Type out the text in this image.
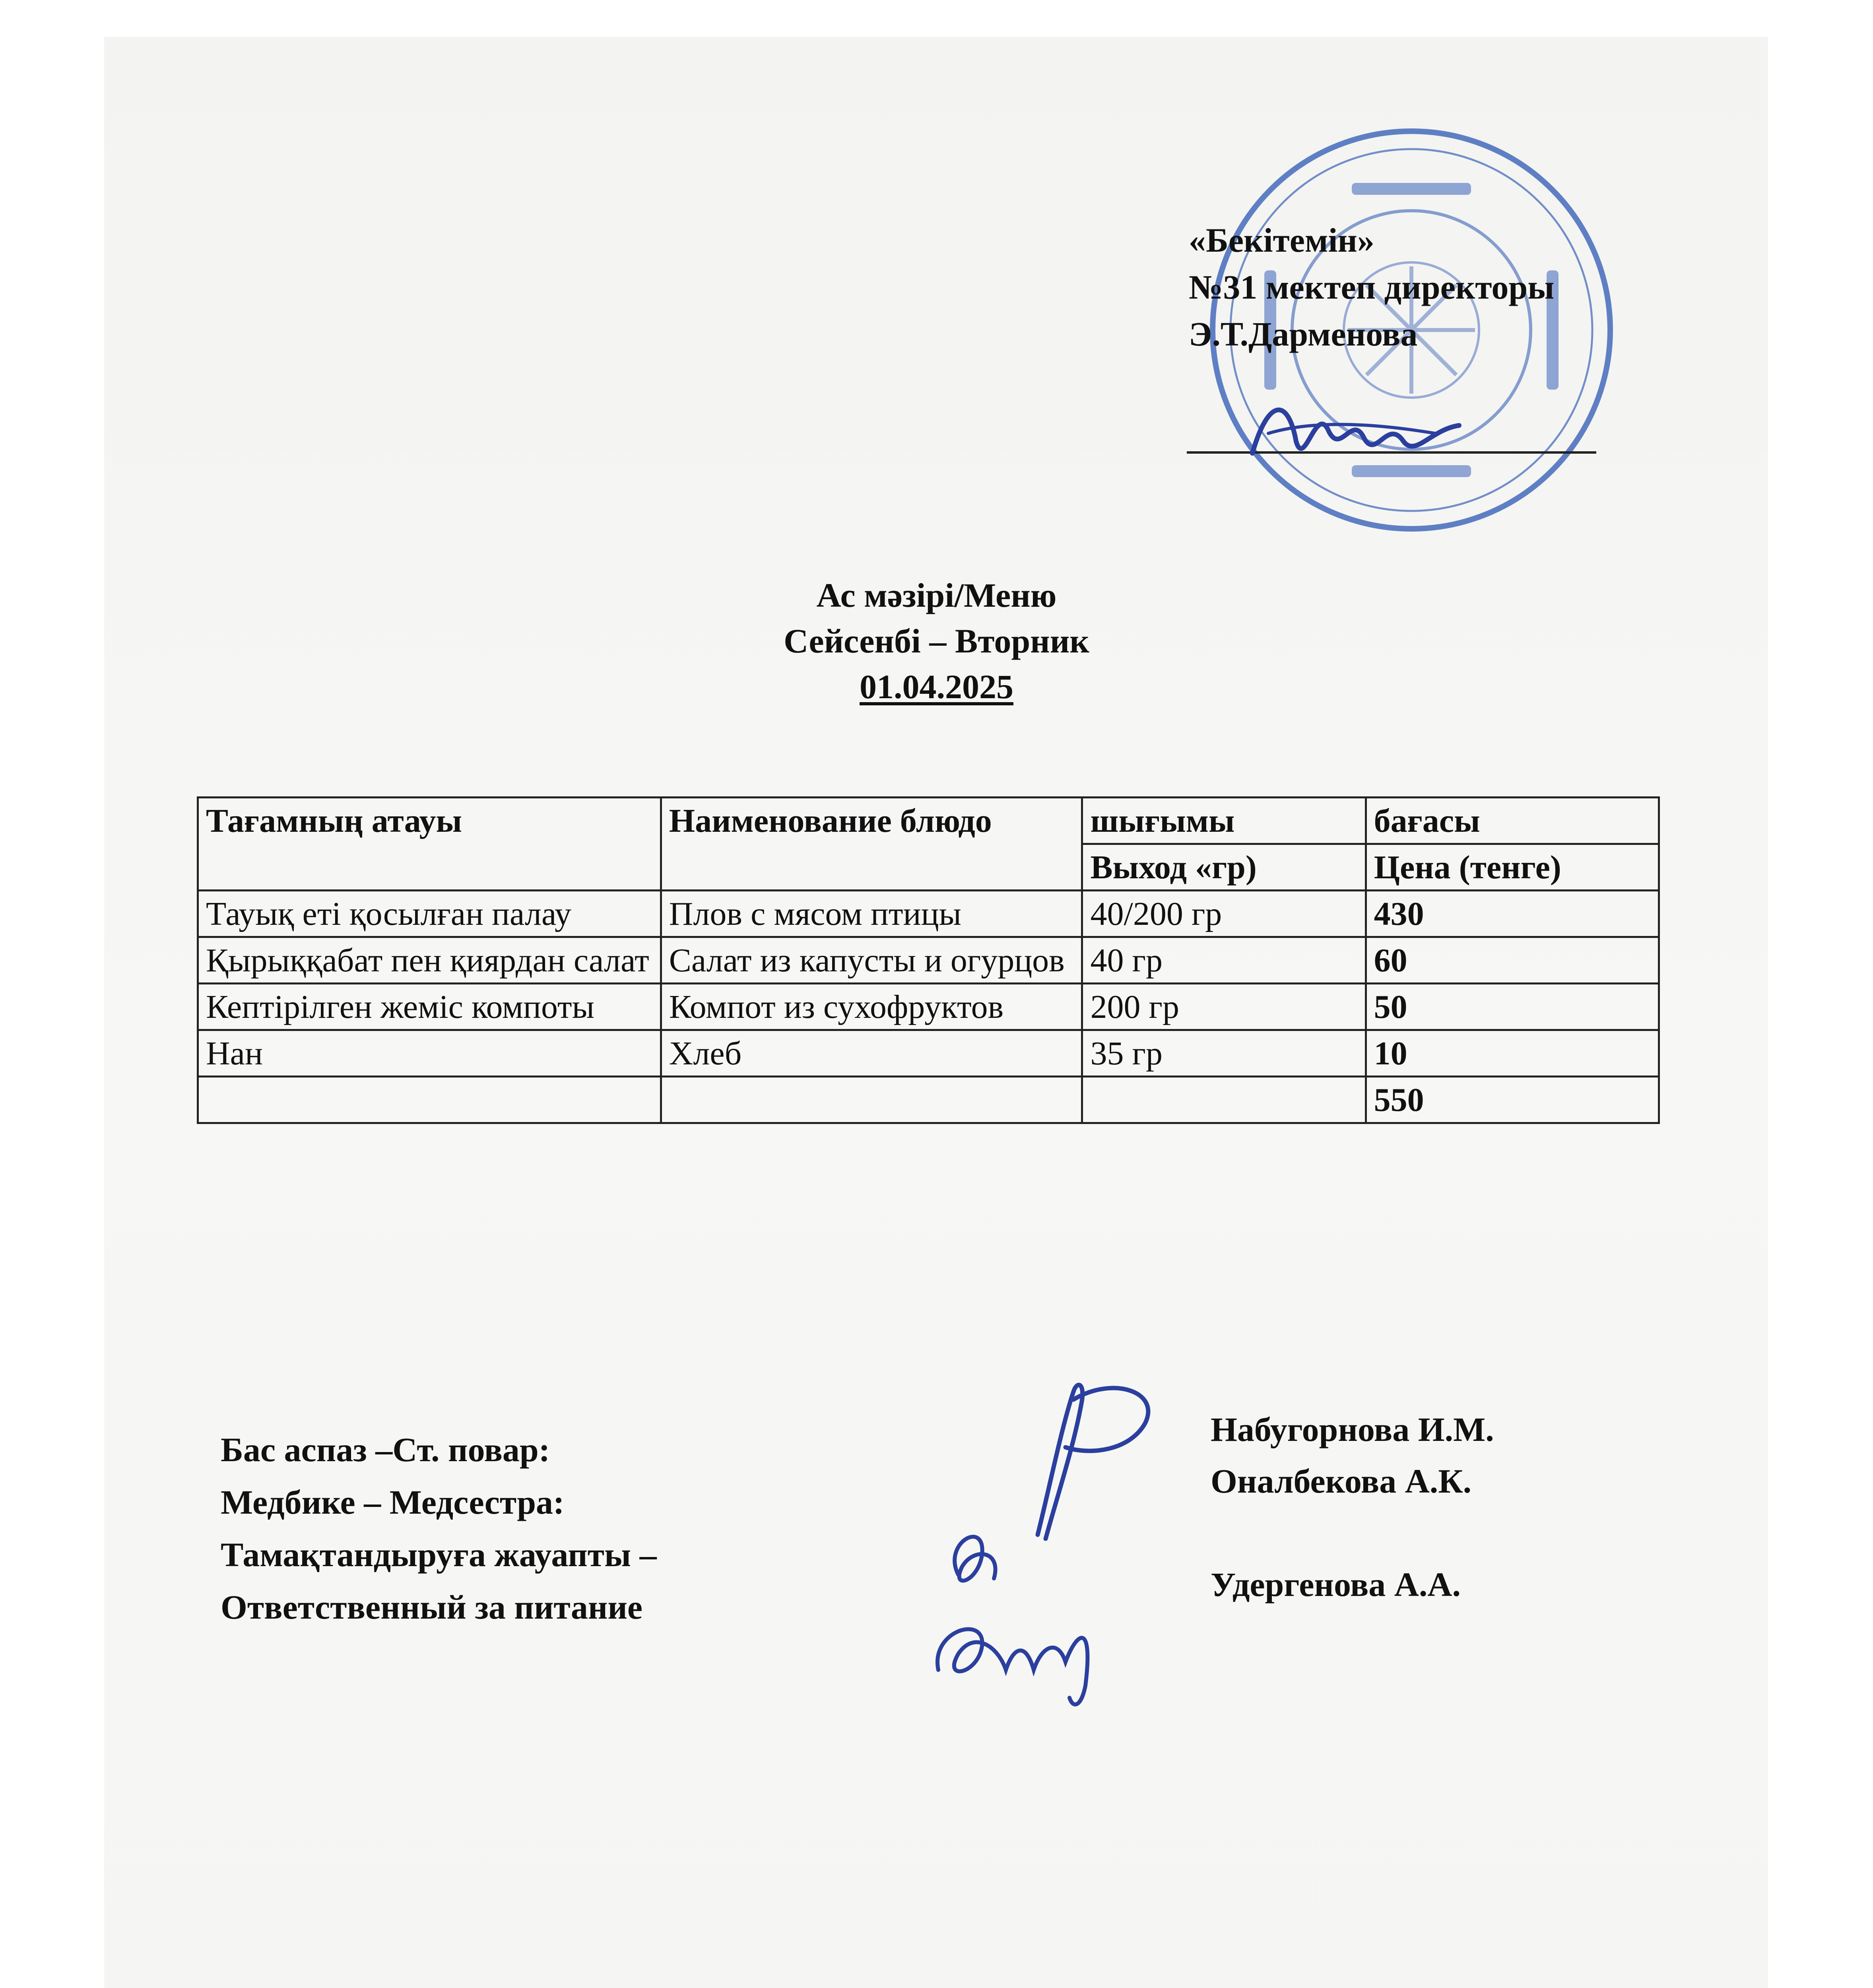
«Бекітемін»
№31 мектеп директоры
Э.Т.Дарменова
Ас мәзірі/Меню
Сейсенбі – Вторник
01.04.2025
Тағамның атауы	Наименование блюдо	шығымы	бағасы
		Выход «гр)	Цена (тенге)
Тауық еті қосылған палау	Плов с мясом птицы	40/200 гр	430
Қырыққабат пен қиярдан салат	Салат из капусты и огурцов	40 гр	60
Кептірілген жеміс компоты	Компот из сухофруктов	200 гр	50
Нан	Хлеб	35 гр	10
			550
Бас аспаз –Ст. повар:
Медбике – Медсестра:
Тамақтандыруға жауапты –
Ответственный за питание
Набугорнова И.М.
Оналбекова А.К.
Удергенова А.А.
